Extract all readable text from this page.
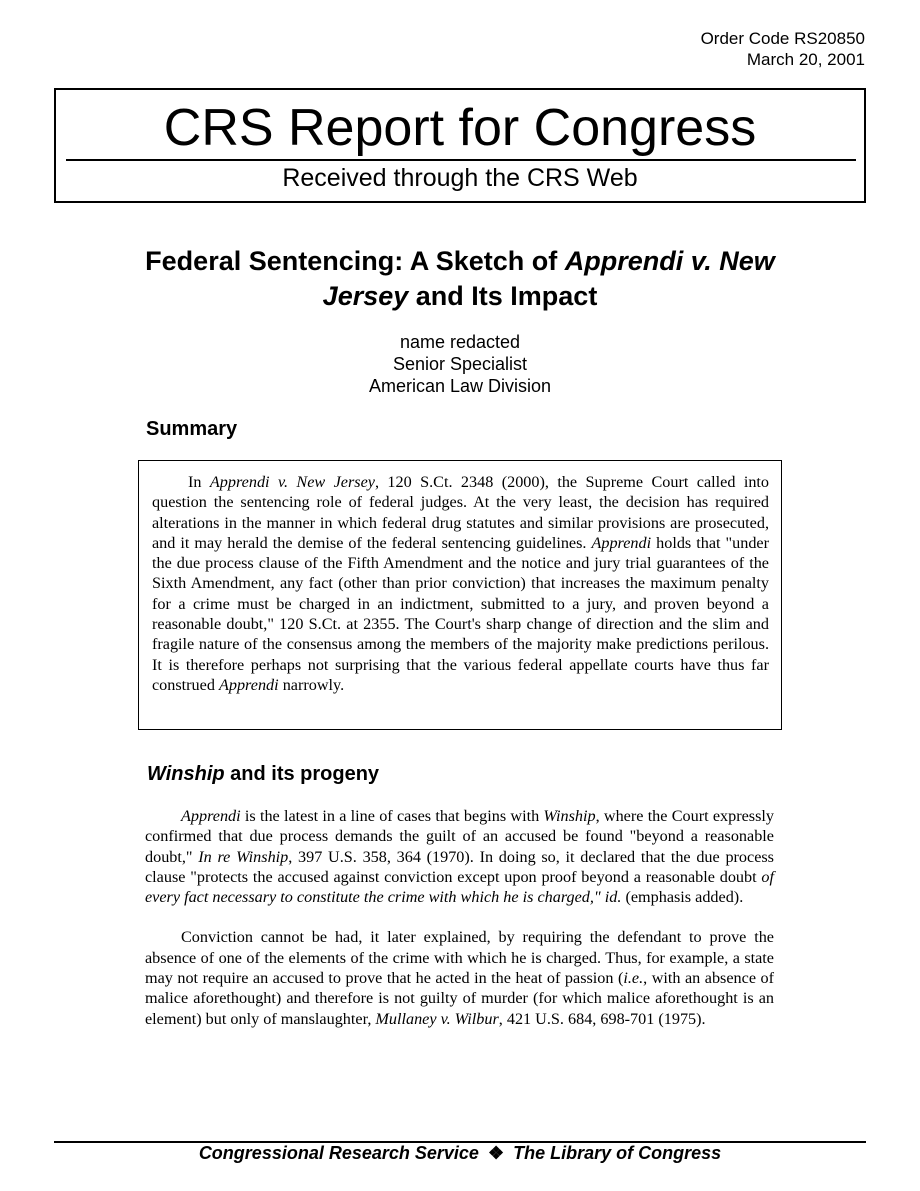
Order Code RS20850
March 20, 2001
CRS Report for Congress
Received through the CRS Web
Federal Sentencing: A Sketch of Apprendi v. New Jersey and Its Impact
name redacted
Senior Specialist
American Law Division
Summary

In Apprendi v. New Jersey, 120 S.Ct. 2348 (2000), the Supreme Court called into question the sentencing role of federal judges. At the very least, the decision has required alterations in the manner in which federal drug statutes and similar provisions are prosecuted, and it may herald the demise of the federal sentencing guidelines. Apprendi holds that "under the due process clause of the Fifth Amendment and the notice and jury trial guarantees of the Sixth Amendment, any fact (other than prior conviction) that increases the maximum penalty for a crime must be charged in an indictment, submitted to a jury, and proven beyond a reasonable doubt," 120 S.Ct. at 2355. The Court's sharp change of direction and the slim and fragile nature of the consensus among the members of the majority make predictions perilous. It is therefore perhaps not surprising that the various federal appellate courts have thus far construed Apprendi narrowly.

Winship and its progeny

Apprendi is the latest in a line of cases that begins with Winship, where the Court expressly confirmed that due process demands the guilt of an accused be found "beyond a reasonable doubt," In re Winship, 397 U.S. 358, 364 (1970). In doing so, it declared that the due process clause "protects the accused against conviction except upon proof beyond a reasonable doubt of every fact necessary to constitute the crime with which he is charged," id. (emphasis added).

Conviction cannot be had, it later explained, by requiring the defendant to prove the absence of one of the elements of the crime with which he is charged. Thus, for example, a state may not require an accused to prove that he acted in the heat of passion (i.e., with an absence of malice aforethought) and therefore is not guilty of murder (for which malice aforethought is an element) but only of manslaughter, Mullaney v. Wilbur, 421 U.S. 684, 698-701 (1975).

Congressional Research Service ❖ The Library of Congress
